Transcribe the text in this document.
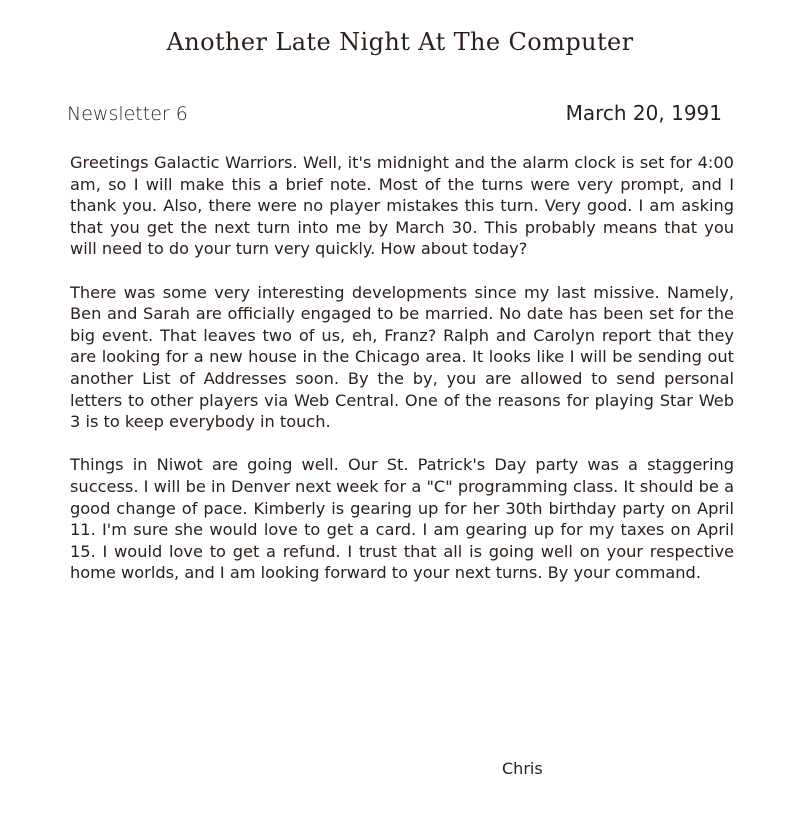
Another Late Night At The Computer
Newsletter 6	March 20, 1991

Greetings Galactic Warriors. Well, it's midnight and the alarm clock is set for 4:00 am, so I will make this a brief note. Most of the turns were very prompt, and I thank you. Also, there were no player mistakes this turn. Very good. I am asking that you get the next turn into me by March 30. This probably means that you will need to do your turn very quickly. How about today?

There was some very interesting developments since my last missive. Namely, Ben and Sarah are officially engaged to be married. No date has been set for the big event. That leaves two of us, eh, Franz? Ralph and Carolyn report that they are looking for a new house in the Chicago area. It looks like I will be sending out another List of Addresses soon. By the by, you are allowed to send personal letters to other players via Web Central. One of the reasons for playing Star Web 3 is to keep everybody in touch.

Things in Niwot are going well. Our St. Patrick's Day party was a staggering success. I will be in Denver next week for a "C" programming class. It should be a good change of pace. Kimberly is gearing up for her 30th birthday party on April 11. I'm sure she would love to get a card. I am gearing up for my taxes on April 15. I would love to get a refund. I trust that all is going well on your respective home worlds, and I am looking forward to your next turns. By your command.

Chris
